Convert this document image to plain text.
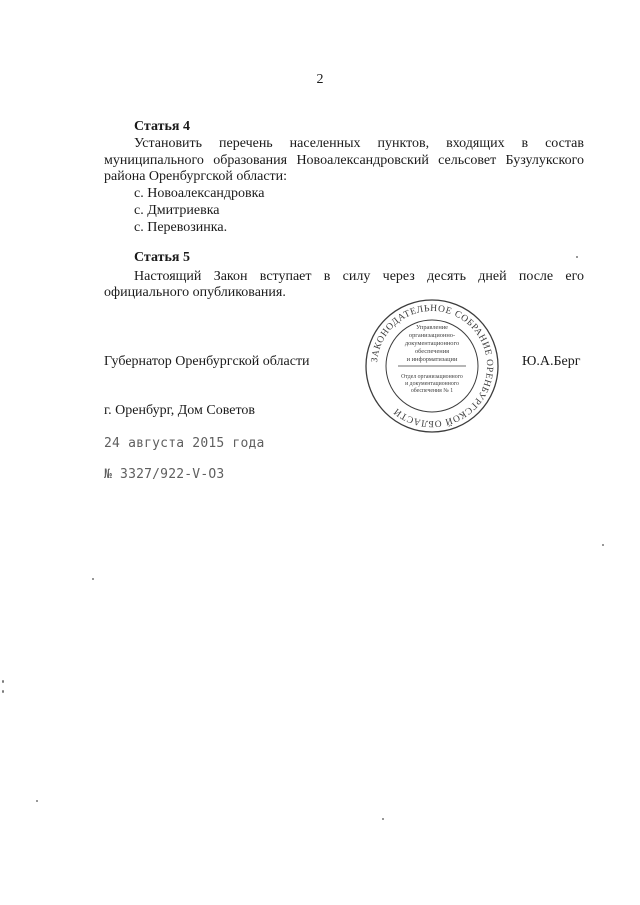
2
Статья 4
Установить перечень населенных пунктов, входящих в состав
муниципального образования Новоалександровский сельсовет Бузулукского
района Оренбургской области:
с. Новоалександровка
с. Дмитриевка
с. Перевозинка.
Статья 5
Настоящий Закон вступает в силу через десять дней после его
официального опубликования.
ЗАКОНОДАТЕЛЬНОЕ СОБРАНИЕ ОРЕНБУРГСКОЙ ОБЛАСТИ
Управление
организационно-
документационного
обеспечения
и информатизации
Отдел организационного
и документационного
обеспечения № 1
Губернатор Оренбургской области	Ю.А.Берг
г. Оренбург, Дом Советов
24 августа 2015 года
№ 3327/922-V-ОЗ
